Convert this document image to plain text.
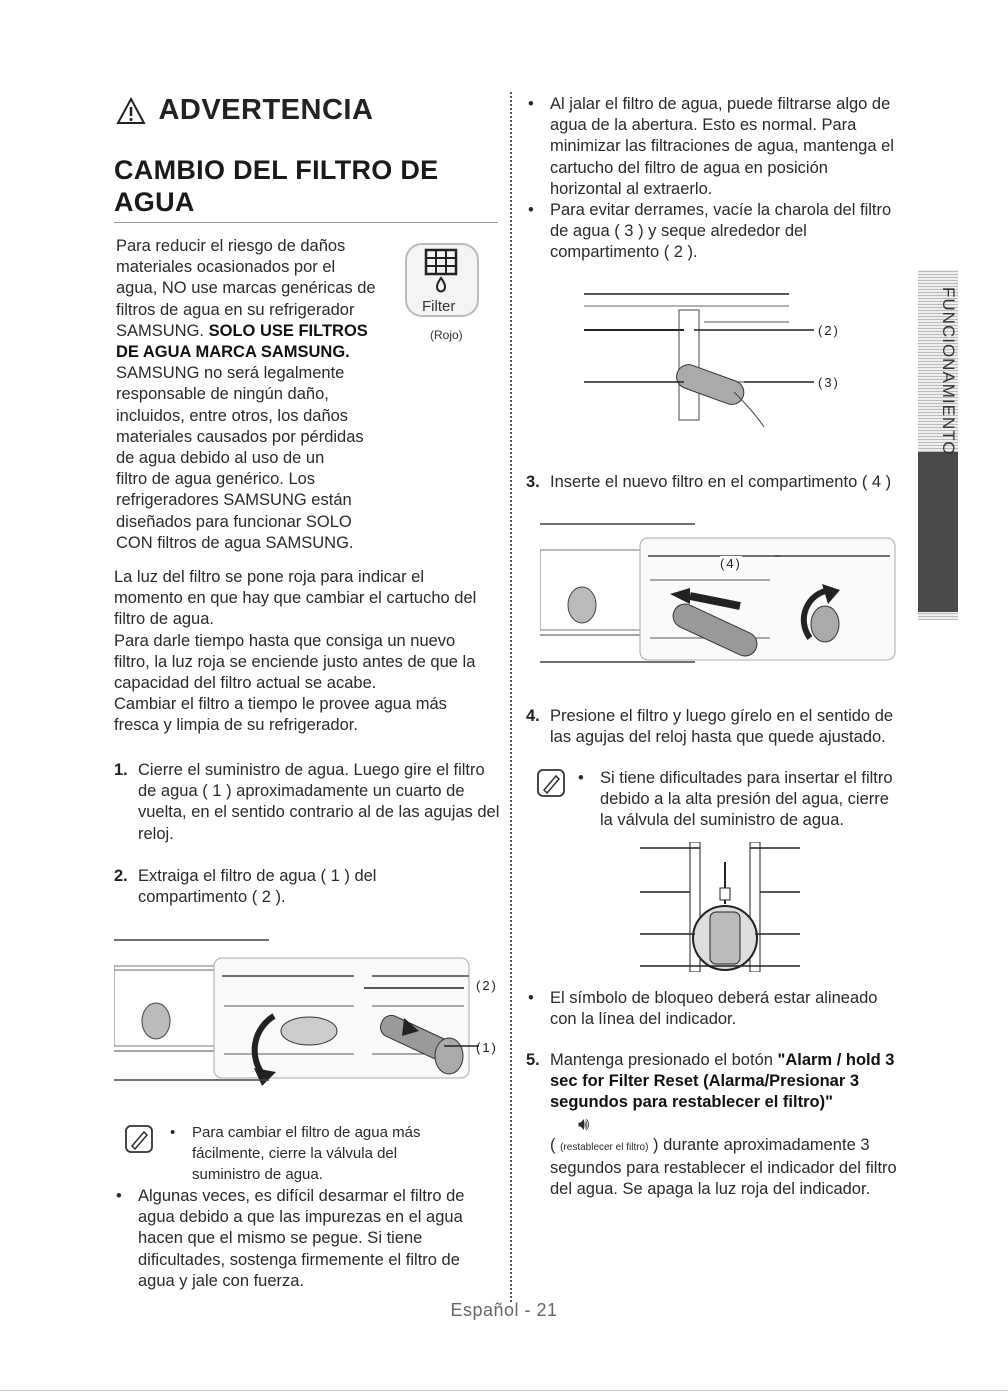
ADVERTENCIA
CAMBIO DEL FILTRO DE AGUA
Para reducir el riesgo de daños
materiales ocasionados por el
agua, NO use marcas genéricas de
filtros de agua en su refrigerador
SAMSUNG. SOLO USE FILTROS
DE AGUA MARCA SAMSUNG.
SAMSUNG no será legalmente
responsable de ningún daño,
incluidos, entre otros, los daños
materiales causados por pérdidas
de agua debido al uso de un
filtro de agua genérico. Los
refrigeradores SAMSUNG están
diseñados para funcionar SOLO
CON filtros de agua SAMSUNG.
Filter
(Rojo)
La luz del filtro se pone roja para indicar el
momento en que hay que cambiar el cartucho del
filtro de agua.
Para darle tiempo hasta que consiga un nuevo
filtro, la luz roja se enciende justo antes de que la
capacidad del filtro actual se acabe.
Cambiar el filtro a tiempo le provee agua más
fresca y limpia de su refrigerador.
1. Cierre el suministro de agua. Luego gire el filtro de agua ( 1 ) aproximadamente un cuarto de vuelta, en el sentido contrario al de las agujas del reloj.
2. Extraiga el filtro de agua ( 1 ) del compartimento ( 2 ).
(2)
(1)
•	Para cambiar el filtro de agua más fácilmente, cierre la válvula del suministro de agua.
• Algunas veces, es difícil desarmar el filtro de agua debido a que las impurezas en el agua hacen que el mismo se pegue. Si tiene dificultades, sostenga firmemente el filtro de agua y jale con fuerza.
• Al jalar el filtro de agua, puede filtrarse algo de agua de la abertura. Esto es normal. Para minimizar las filtraciones de agua, mantenga el cartucho del filtro de agua en posición horizontal al extraerlo.
• Para evitar derrames, vacíe la charola del filtro de agua ( 3 ) y seque alrededor del compartimento ( 2 ).
(2)
(3)
3. Inserte el nuevo filtro en el compartimento ( 4 )
(4)
4. Presione el filtro y luego gírelo en el sentido de las agujas del reloj hasta que quede ajustado.
• Si tiene dificultades para insertar el filtro debido a la alta presión del agua, cierre la válvula del suministro de agua.
• El símbolo de bloqueo deberá estar alineado con la línea del indicador.
5. Mantenga presionado el botón "Alarm / hold 3 sec for Filter Reset (Alarma/Presionar 3 segundos para restablecer el filtro)"
🔊︎
( (restablecer el filtro) ) durante aproximadamente 3 segundos para restablecer el indicador del filtro del agua. Se apaga la luz roja del indicador.
FUNCIONAMIENTO
Español - 21
